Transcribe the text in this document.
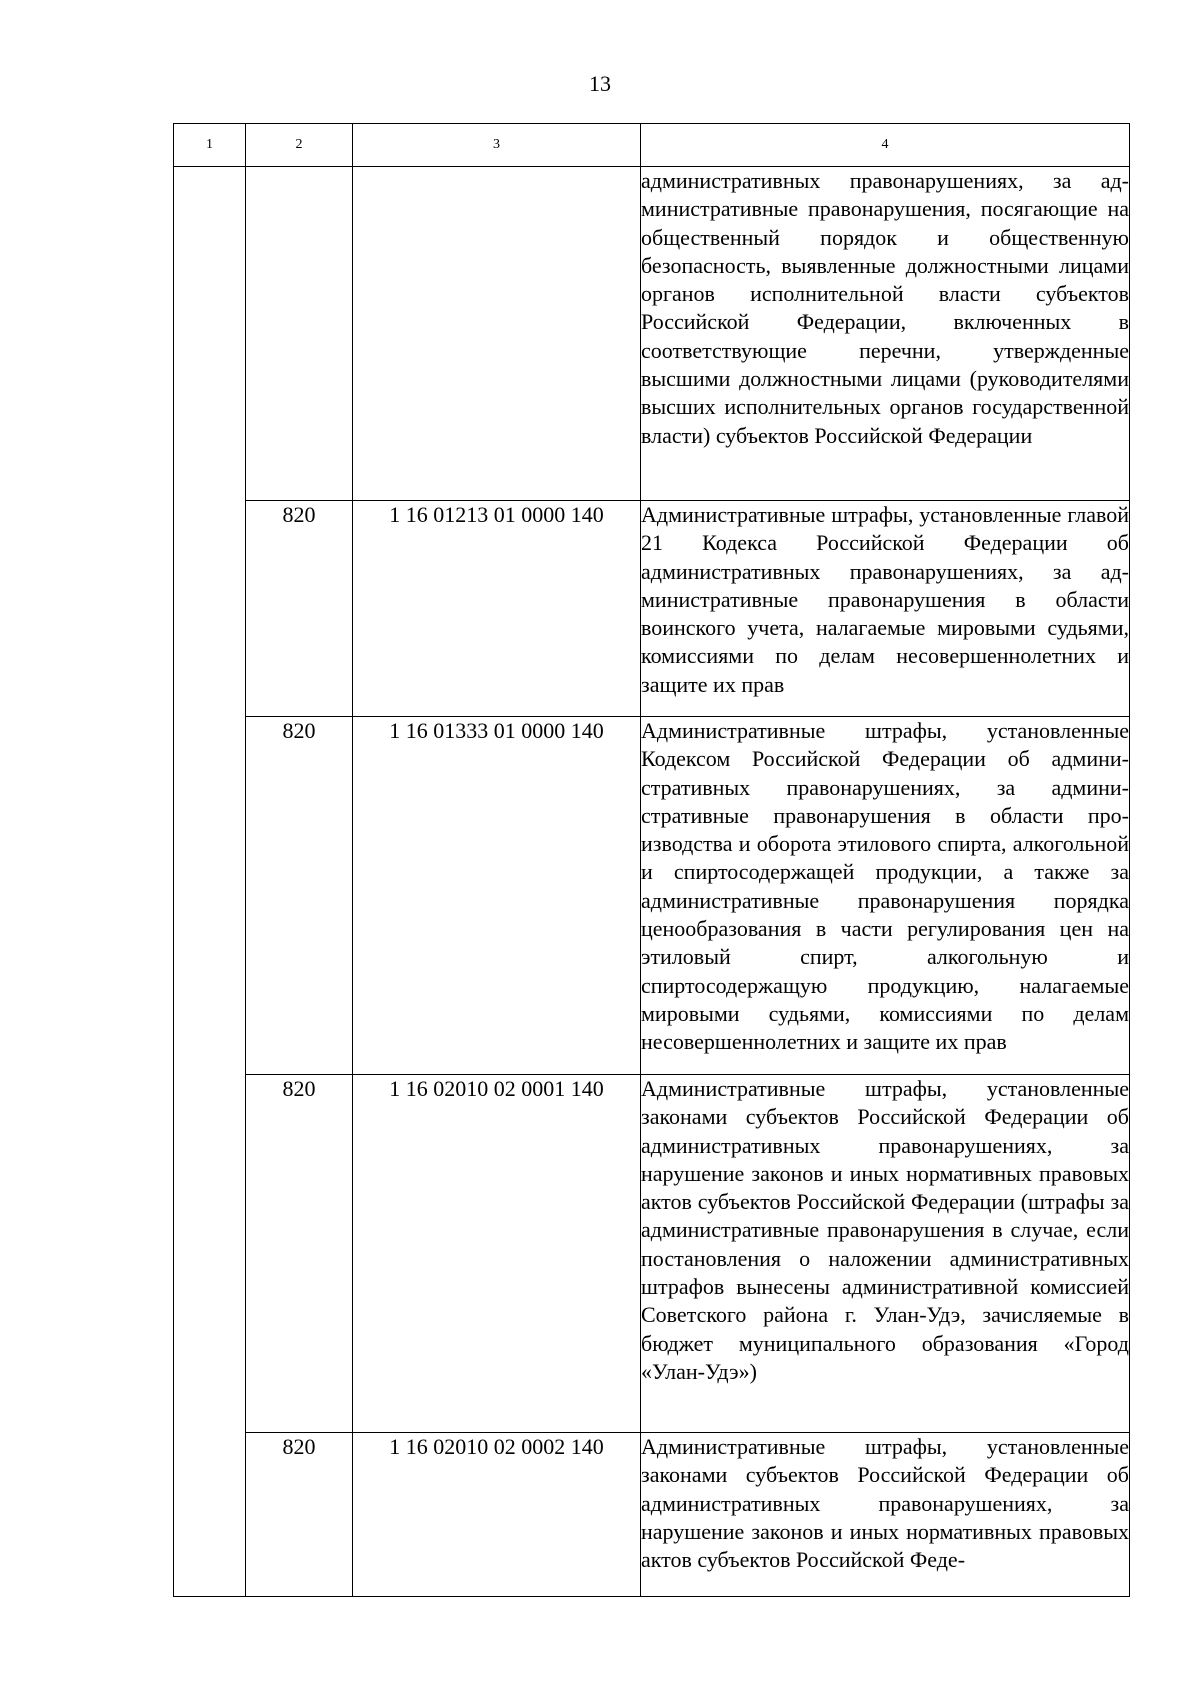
13
1	2	3	4

			административных правонарушениях, за административные правонарушения, посягающие на общественный порядок и общественную безопасность, выявленные должностными лицами органов исполнительной власти субъектов Российской Федерации, включенных в соответствующие перечни, утвержденные высшими должностными лицами (руководителями высших исполнительных органов государственной власти) субъектов Российской Федерации

	820	1 16 01213 01 0000 140	Административные штрафы, установленные главой 21 Кодекса Российской Федерации об административных правонарушениях, за административные правонарушения в области воинского учета, налагаемые мировыми судьями, комиссиями по делам несовершеннолетних и защите их прав

	820	1 16 01333 01 0000 140	Административные штрафы, установленные Кодексом Российской Федерации об административных правонарушениях, за административные правонарушения в области производства и оборота этилового спирта, алкогольной и спиртосодержащей продукции, а также за административные правонарушения порядка ценообразования в части регулирования цен на этиловый спирт, алкогольную и спиртосодержащую продукцию, налагаемые мировыми судьями, комиссиями по делам несовершеннолетних и защите их прав

	820	1 16 02010 02 0001 140	Административные штрафы, установленные законами субъектов Российской Федерации об административных правонарушениях, за нарушение законов и иных нормативных правовых актов субъектов Российской Федерации (штрафы за административные правонарушения в случае, если постановления о наложении административных штрафов вынесены административной комиссией Советского района г. Улан-Удэ, зачисляемые в бюджет муниципального образования «Город «Улан-Удэ»)

	820	1 16 02010 02 0002 140	Административные штрафы, установленные законами субъектов Российской Федерации об административных правонарушениях, за нарушение законов и иных нормативных правовых актов субъектов Российской Феде-
